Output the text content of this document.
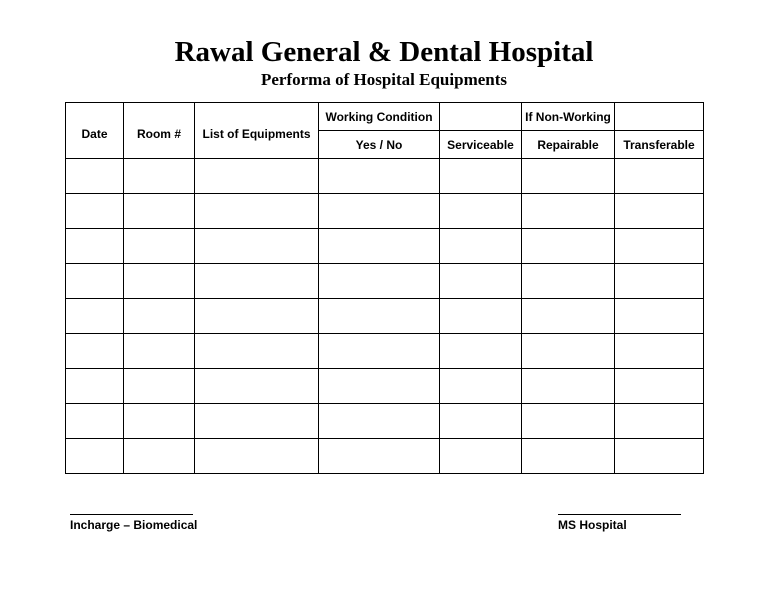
Rawal General & Dental Hospital
Performa of Hospital Equipments
Date	Room #	List of Equipments	Working Condition		If Non-Working	
			Yes / No	Serviceable	Repairable	Transferable

Incharge – Biomedical	MS Hospital
